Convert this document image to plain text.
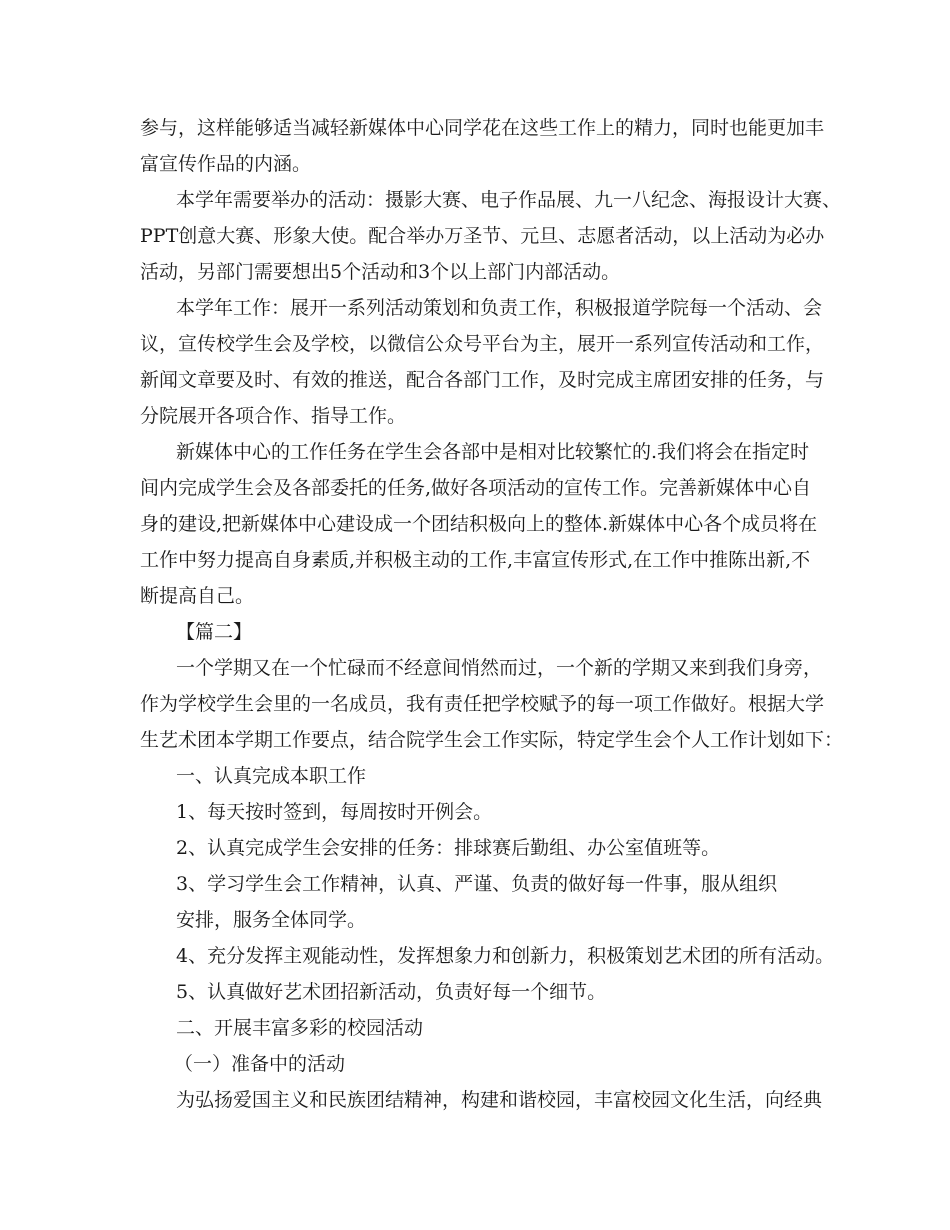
参与，这样能够适当减轻新媒体中心同学花在这些工作上的精力，同时也能更加丰

富宣传作品的内涵。

本学年需要举办的活动：摄影大赛、电子作品展、九一八纪念、海报设计大赛、

PPT创意大赛、形象大使。配合举办万圣节、元旦、志愿者活动，以上活动为必办

活动，另部门需要想出5个活动和3个以上部门内部活动。

本学年工作：展开一系列活动策划和负责工作，积极报道学院每一个活动、会

议，宣传校学生会及学校，以微信公众号平台为主，展开一系列宣传活动和工作，

新闻文章要及时、有效的推送，配合各部门工作，及时完成主席团安排的任务，与

分院展开各项合作、指导工作。

新媒体中心的工作任务在学生会各部中是相对比较繁忙的.我们将会在指定时

间内完成学生会及各部委托的任务,做好各项活动的宣传工作。完善新媒体中心自

身的建设,把新媒体中心建设成一个团结积极向上的整体.新媒体中心各个成员将在

工作中努力提高自身素质,并积极主动的工作,丰富宣传形式,在工作中推陈出新,不

断提高自己。

【篇二】

一个学期又在一个忙碌而不经意间悄然而过，一个新的学期又来到我们身旁，

作为学校学生会里的一名成员，我有责任把学校赋予的每一项工作做好。根据大学

生艺术团本学期工作要点，结合院学生会工作实际，特定学生会个人工作计划如下：

一、认真完成本职工作

1、每天按时签到，每周按时开例会。

2、认真完成学生会安排的任务：排球赛后勤组、办公室值班等。

3、学习学生会工作精神，认真、严谨、负责的做好每一件事，服从组织

安排，服务全体同学。

4、充分发挥主观能动性，发挥想象力和创新力，积极策划艺术团的所有活动。

5、认真做好艺术团招新活动，负责好每一个细节。

二、开展丰富多彩的校园活动

（一）准备中的活动

为弘扬爱国主义和民族团结精神，构建和谐校园，丰富校园文化生活，向经典
